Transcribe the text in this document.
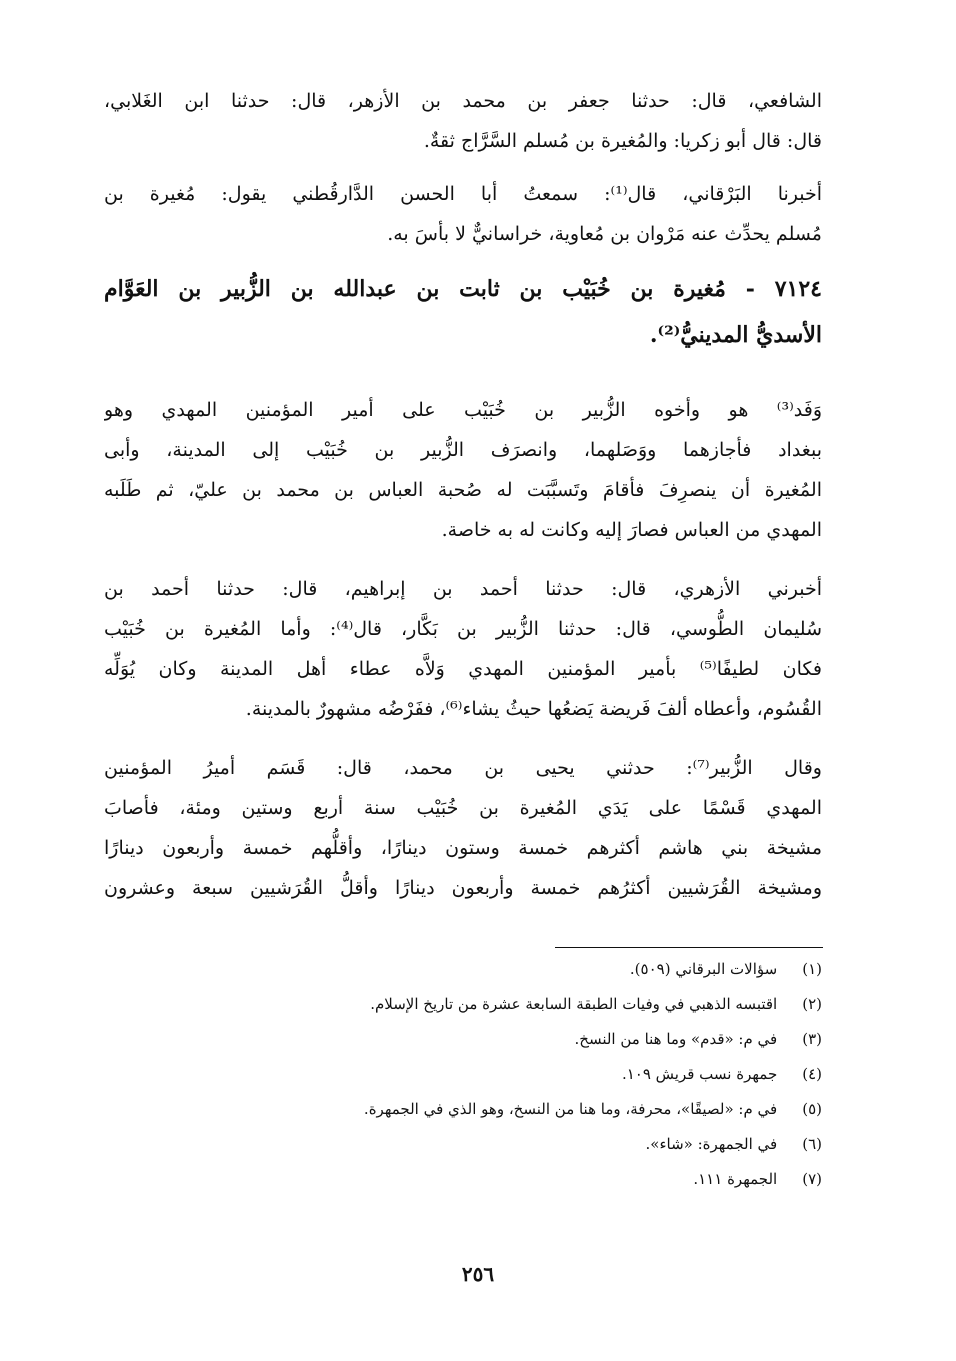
الشافعي، قال: حدثنا جعفر بن محمد بن الأزهر، قال: حدثنا ابن الغَلابي،
قال: قال أبو زكريا: والمُغيرة بن مُسلم السَّرَّاج ثقةٌ.
أخبرنا البَرْقاني، قال⁽¹⁾: سمعتُ أبا الحسن الدَّارقُطني يقول: مُغيرة بن
مُسلم يحدِّث عنه مَرْوان بن مُعاوية، خراسانيٌّ لا بأسَ به.
٧١٢٤ - مُغيرة بن خُبَيْب بن ثابت بن عبدالله بن الزُّبير بن العَوَّام
الأسديُّ المدينيُّ⁽²⁾.
وَفَد⁽³⁾ هو وأخوه الزُّبير بن خُبَيْب على أمير المؤمنين المهدي وهو
ببغداد فأجازهما ووَصَلهما، وانصرَف الزُّبير بن خُبَيْب إلى المدينة، وأبى
المُغيرة أن ينصرِفَ فأقامَ وتَسبَّبَت له صُحبة العباس بن محمد بن عليّ، ثم طَلَبه
المهدي من العباس فصارَ إليه وكانت له به خاصة.
أخبرني الأزهري، قال: حدثنا أحمد بن إبراهيم، قال: حدثنا أحمد بن
سُليمان الطُّوسي، قال: حدثنا الزُّبير بن بَكَّار، قال⁽⁴⁾: وأما المُغيرة بن خُبَيْب
فكان لطيفًا⁽⁵⁾ بأمير المؤمنين المهدي وَلاَّه عطاء أهل المدينة وكان يُوَلِّه
القُسُوم، وأعطاه ألفَ فَريضة يَضعُها حيثُ يشاء⁽⁶⁾، ففَرْضُه مشهورٌ بالمدينة.
وقال الزُّبير⁽⁷⁾: حدثني يحيى بن محمد، قال: قَسَم أميرُ المؤمنين
المهدي قَسْمًا على يَدَي المُغيرة بن خُبَيْب سنة أربع وستين ومئة، فأصابَ
مشيخة بني هاشم أكثرهم خمسة وستون دينارًا، وأقلُّهم خمسة وأربعون دينارًا
ومشيخة القُرَشيين أكثرُهم خمسة وأربعون دينارًا وأقلُّ القُرَشيين سبعة وعشرون
(١) سؤالات البرقاني (٥٠٩).
(٢) اقتبسه الذهبي في وفيات الطبقة السابعة عشرة من تاريخ الإسلام.
(٣) في م: «قدم» وما هنا من النسخ.
(٤) جمهرة نسب قريش ١٠٩.
(٥) في م: «لصيقًا»، محرفة، وما هنا من النسخ، وهو الذي في الجمهرة.
(٦) في الجمهرة: «شاء».
(٧) الجمهرة ١١١.
٢٥٦
